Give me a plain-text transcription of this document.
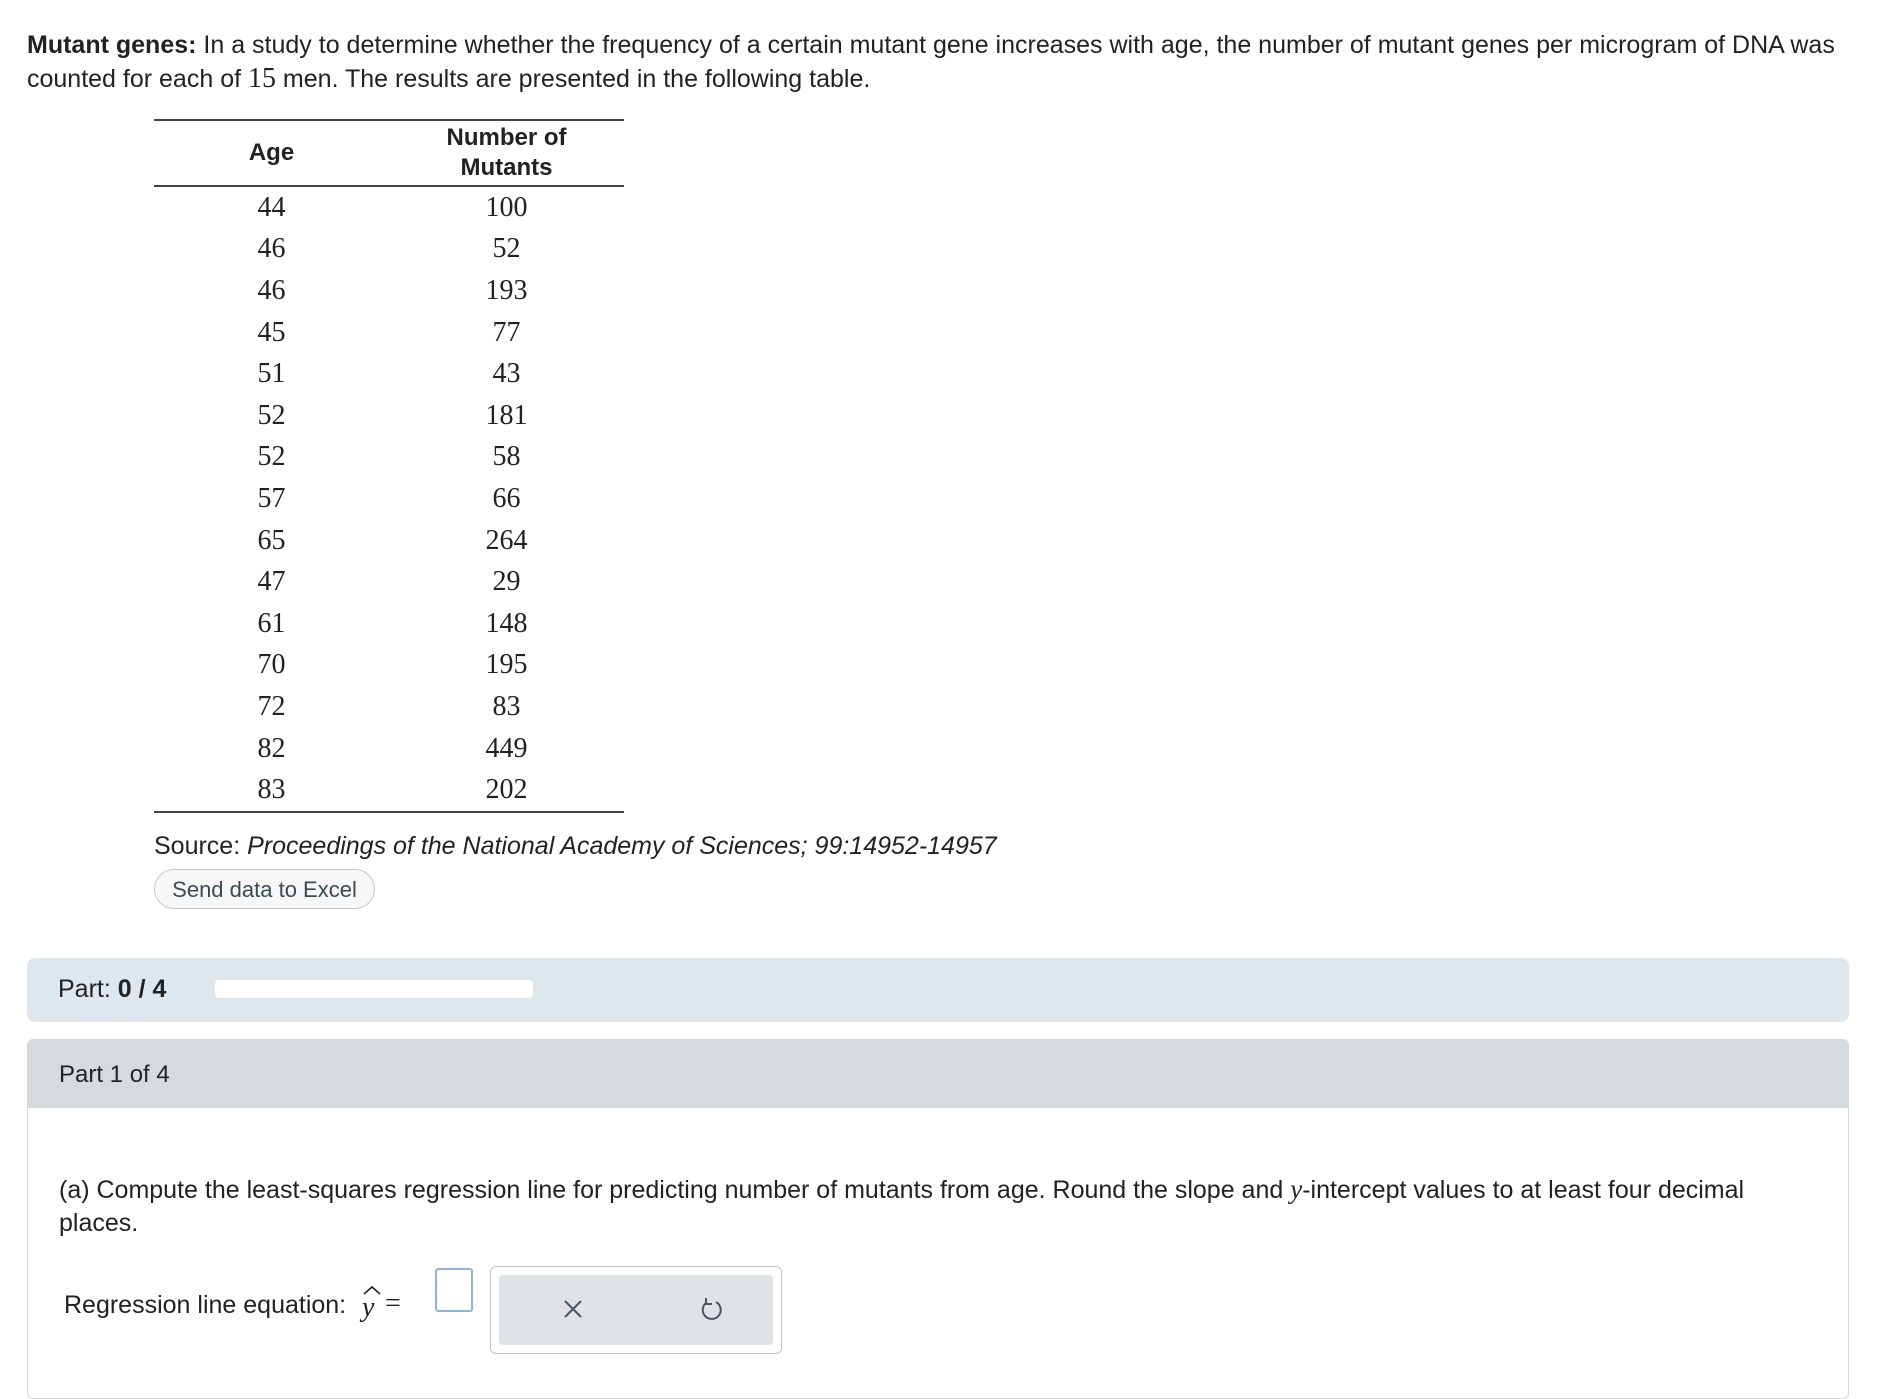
Mutant genes: In a study to determine whether the frequency of a certain mutant gene increases with age, the number of mutant genes per microgram of DNA was counted for each of 15 men. The results are presented in the following table.
Age	Number of Mutants
44	100
46	52
46	193
45	77
51	43
52	181
52	58
57	66
65	264
47	29
61	148
70	195
72	83
82	449
83	202
Source: Proceedings of the National Academy of Sciences; 99:14952-14957
Send data to Excel
Part: 0 / 4
Part 1 of 4
(a) Compute the least-squares regression line for predicting number of mutants from age. Round the slope and y-intercept values to at least four decimal places.
Regression line equation: y =
